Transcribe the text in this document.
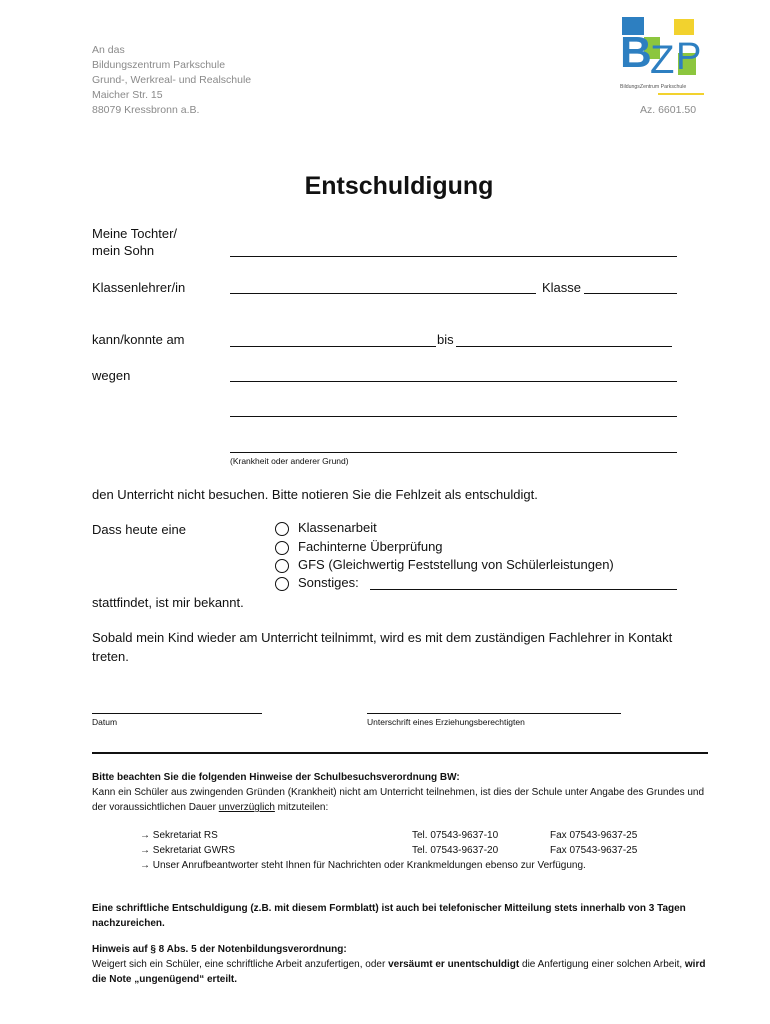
An das
Bildungszentrum Parkschule
Grund-, Werkreal- und Realschule
Maicher Str. 15
88079 Kressbronn a.B.
B
Z P
BildungsZentrum Parkschule
Az. 6601.50
Entschuldigung
Meine Tochter/
mein Sohn
Klassenlehrer/in	Klasse
kann/konnte am	bis
wegen
(Krankheit oder anderer Grund)
den Unterricht nicht besuchen. Bitte notieren Sie die Fehlzeit als entschuldigt.
Dass heute eine	Klassenarbeit
Fachinterne Überprüfung
GFS (Gleichwertig Feststellung von Schülerleistungen)
Sonstiges:
stattfindet, ist mir bekannt.
Sobald mein Kind wieder am Unterricht teilnimmt, wird es mit dem zuständigen Fachlehrer in Kontakt treten.
Datum	Unterschrift eines Erziehungsberechtigten
Bitte beachten Sie die folgenden Hinweise der Schulbesuchsverordnung BW:
Kann ein Schüler aus zwingenden Gründen (Krankheit) nicht am Unterricht teilnehmen, ist dies der Schule unter Angabe des Grundes und der voraussichtlichen Dauer unverzüglich mitzuteilen:
→ Sekretariat RS	Tel. 07543-9637-10	Fax 07543-9637-25
→ Sekretariat GWRS	Tel. 07543-9637-20	Fax 07543-9637-25
→ Unser Anrufbeantworter steht Ihnen für Nachrichten oder Krankmeldungen ebenso zur Verfügung.
Eine schriftliche Entschuldigung (z.B. mit diesem Formblatt) ist auch bei telefonischer Mitteilung stets innerhalb von 3 Tagen nachzureichen.
Hinweis auf § 8 Abs. 5 der Notenbildungsverordnung:
Weigert sich ein Schüler, eine schriftliche Arbeit anzufertigen, oder versäumt er unentschuldigt die Anfertigung einer solchen Arbeit, wird die Note „ungenügend“ erteilt.
